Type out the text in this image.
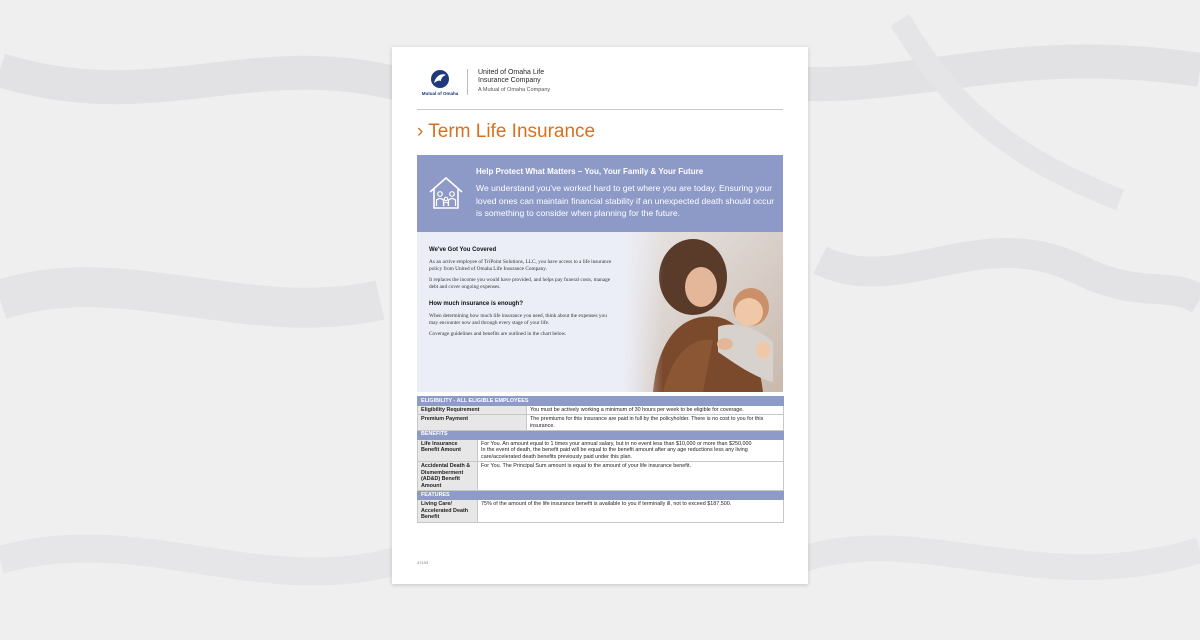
Mutual of Omaha
United of Omaha Life
Insurance Company
A Mutual of Omaha Company
› Term Life Insurance
Help Protect What Matters – You, Your Family & Your Future
We understand you've worked hard to get where you are today. Ensuring your loved ones can maintain financial stability if an unexpected death should occur is something to consider when planning for the future.
We've Got You Covered

As an active employee of TriPoint Solutions, LLC, you have access to a life insurance policy from United of Omaha Life Insurance Company.

It replaces the income you would have provided, and helps pay funeral costs, manage debt and cover ongoing expenses.

How much insurance is enough?

When determining how much life insurance you need, think about the expenses you may encounter now and through every stage of your life.

Coverage guidelines and benefits are outlined in the chart below.

ELIGIBILITY - ALL ELIGIBLE EMPLOYEES		
Eligibility Requirement		You must be actively working a minimum of 30 hours per week to be eligible for coverage.
Premium Payment		The premiums for this insurance are paid in full by the policyholder. There is no cost to you for this insurance.
BENEFITS		
Life Insurance Benefit Amount	For You. An amount equal to 1 times your annual salary, but in no event less than $10,000 or more than $250,000
In the event of death, the benefit paid will be equal to the benefit amount after any age reductions less any living care/accelerated death benefits previously paid under this plan.	

Accidental Death & Dismemberment (AD&D) Benefit Amount	For You. The Principal Sum amount is equal to the amount of your life insurance benefit.	
FEATURES		
Living Care/ Accelerated Death Benefit	75% of the amount of the life insurance benefit is available to you if terminally ill, not to exceed $187,500.	
47193
